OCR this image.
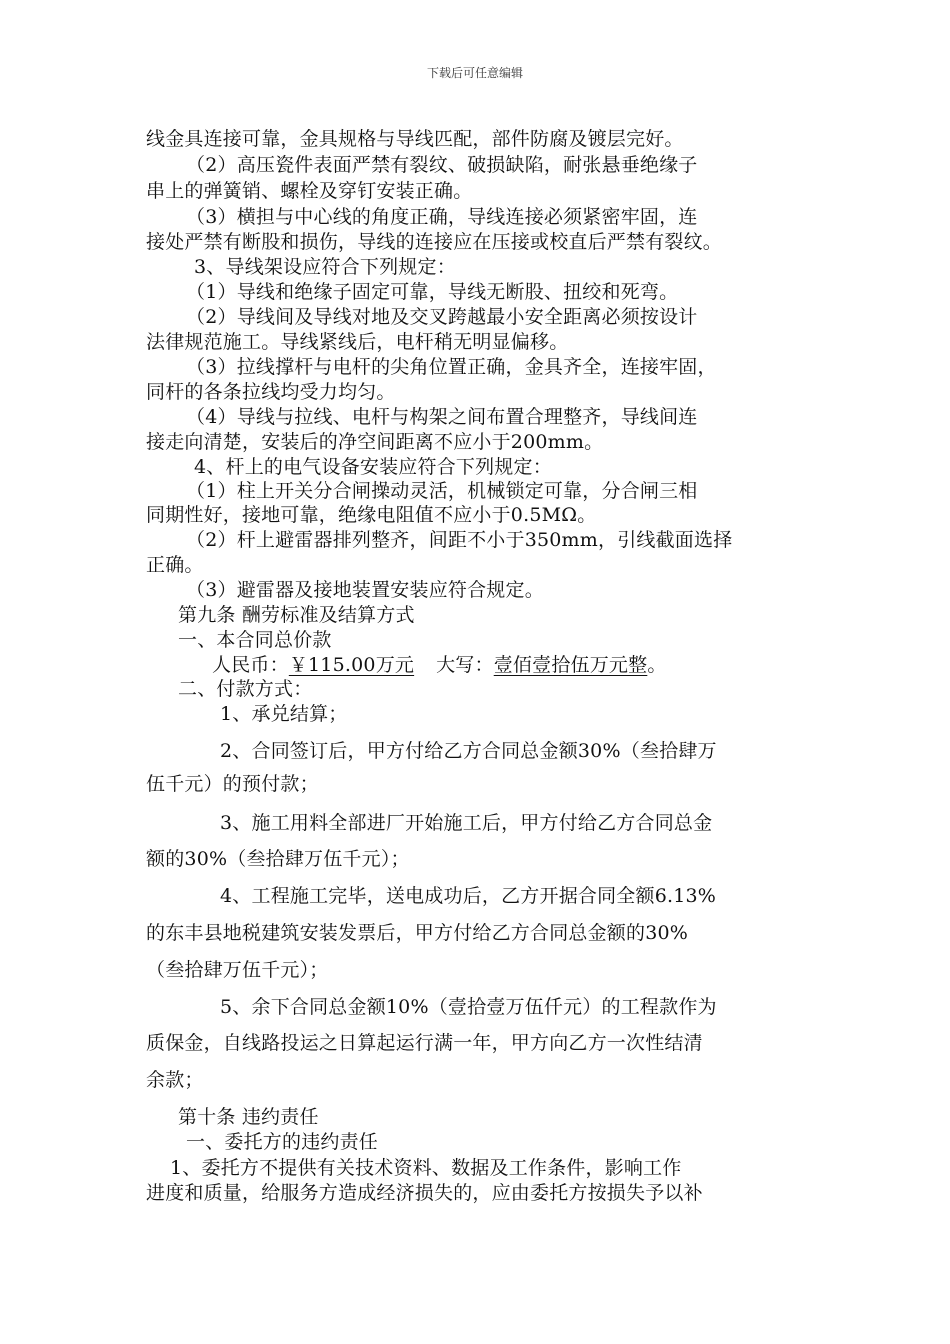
下载后可任意编辑
线金具连接可靠，金具规格与导线匹配，部件防腐及镀层完好。
（2）高压瓷件表面严禁有裂纹、破损缺陷，耐张悬垂绝缘子
串上的弹簧销、螺栓及穿钉安装正确。
（3）横担与中心线的角度正确，导线连接必须紧密牢固，连
接处严禁有断股和损伤，导线的连接应在压接或校直后严禁有裂纹。
3、导线架设应符合下列规定：
（1）导线和绝缘子固定可靠，导线无断股、扭绞和死弯。
（2）导线间及导线对地及交叉跨越最小安全距离必须按设计
法律规范施工。导线紧线后，电杆稍无明显偏移。
（3）拉线撑杆与电杆的尖角位置正确，金具齐全，连接牢固，
同杆的各条拉线均受力均匀。
（4）导线与拉线、电杆与构架之间布置合理整齐，导线间连
接走向清楚，安装后的净空间距离不应小于200mm。
4、杆上的电气设备安装应符合下列规定：
（1）柱上开关分合闸操动灵活，机械锁定可靠，分合闸三相
同期性好，接地可靠，绝缘电阻值不应小于0.5MΩ。
（2）杆上避雷器排列整齐，间距不小于350mm，引线截面选择
正确。
（3）避雷器及接地装置安装应符合规定。
第九条 酬劳标准及结算方式
一、本合同总价款
人民币：￥115.00万元 大写：壹佰壹拾伍万元整。
二、付款方式：
1、承兑结算；
2、合同签订后，甲方付给乙方合同总金额30%（叁拾肆万
伍千元）的预付款；
3、施工用料全部进厂开始施工后，甲方付给乙方合同总金
额的30%（叁拾肆万伍千元）；
4、工程施工完毕，送电成功后，乙方开据合同全额6.13%
的东丰县地税建筑安装发票后，甲方付给乙方合同总金额的30%
（叁拾肆万伍千元）；
5、余下合同总金额10%（壹拾壹万伍仟元）的工程款作为
质保金，自线路投运之日算起运行满一年，甲方向乙方一次性结清
余款；
第十条 违约责任
一、委托方的违约责任
1、委托方不提供有关技术资料、数据及工作条件，影响工作
进度和质量，给服务方造成经济损失的，应由委托方按损失予以补
